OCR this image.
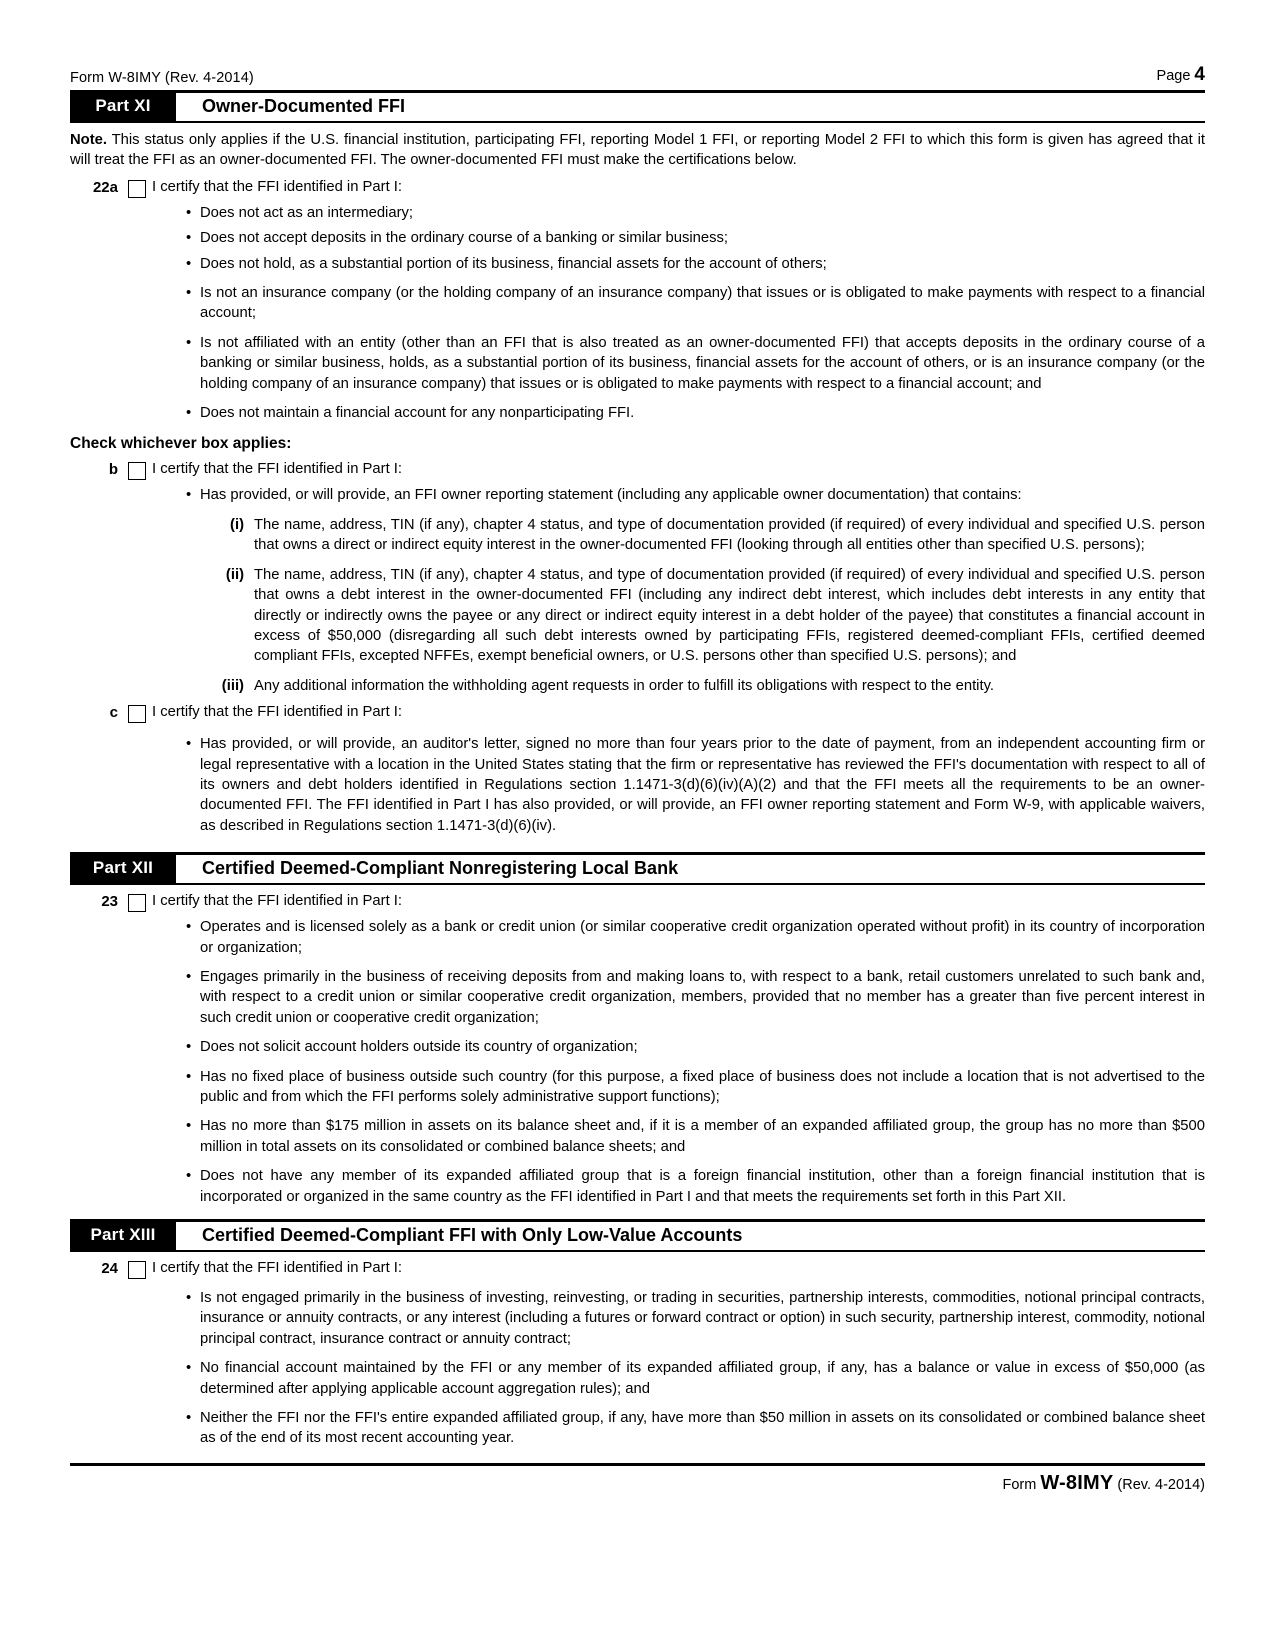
Form W-8IMY (Rev. 4-2014)	Page 4
Part XI	Owner-Documented FFI
Note. This status only applies if the U.S. financial institution, participating FFI, reporting Model 1 FFI, or reporting Model 2 FFI to which this form is given has agreed that it will treat the FFI as an owner-documented FFI. The owner-documented FFI must make the certifications below.
22a	I certify that the FFI identified in Part I:
• Does not act as an intermediary;
• Does not accept deposits in the ordinary course of a banking or similar business;
• Does not hold, as a substantial portion of its business, financial assets for the account of others;
• Is not an insurance company (or the holding company of an insurance company) that issues or is obligated to make payments with respect to a financial account;
• Is not affiliated with an entity (other than an FFI that is also treated as an owner-documented FFI) that accepts deposits in the ordinary course of a banking or similar business, holds, as a substantial portion of its business, financial assets for the account of others, or is an insurance company (or the holding company of an insurance company) that issues or is obligated to make payments with respect to a financial account; and
• Does not maintain a financial account for any nonparticipating FFI.
Check whichever box applies:
b	I certify that the FFI identified in Part I:
• Has provided, or will provide, an FFI owner reporting statement (including any applicable owner documentation) that contains:
(i) The name, address, TIN (if any), chapter 4 status, and type of documentation provided (if required) of every individual and specified U.S. person that owns a direct or indirect equity interest in the owner-documented FFI (looking through all entities other than specified U.S. persons);
(ii) The name, address, TIN (if any), chapter 4 status, and type of documentation provided (if required) of every individual and specified U.S. person that owns a debt interest in the owner-documented FFI (including any indirect debt interest, which includes debt interests in any entity that directly or indirectly owns the payee or any direct or indirect equity interest in a debt holder of the payee) that constitutes a financial account in excess of $50,000 (disregarding all such debt interests owned by participating FFIs, registered deemed-compliant FFIs, certified deemed compliant FFIs, excepted NFFEs, exempt beneficial owners, or U.S. persons other than specified U.S. persons); and
(iii) Any additional information the withholding agent requests in order to fulfill its obligations with respect to the entity.
c	I certify that the FFI identified in Part I:
• Has provided, or will provide, an auditor's letter, signed no more than four years prior to the date of payment, from an independent accounting firm or legal representative with a location in the United States stating that the firm or representative has reviewed the FFI's documentation with respect to all of its owners and debt holders identified in Regulations section 1.1471-3(d)(6)(iv)(A)(2) and that the FFI meets all the requirements to be an owner-documented FFI. The FFI identified in Part I has also provided, or will provide, an FFI owner reporting statement and Form W-9, with applicable waivers, as described in Regulations section 1.1471-3(d)(6)(iv).
Part XII	Certified Deemed-Compliant Nonregistering Local Bank
23	I certify that the FFI identified in Part I:
• Operates and is licensed solely as a bank or credit union (or similar cooperative credit organization operated without profit) in its country of incorporation or organization;
• Engages primarily in the business of receiving deposits from and making loans to, with respect to a bank, retail customers unrelated to such bank and, with respect to a credit union or similar cooperative credit organization, members, provided that no member has a greater than five percent interest in such credit union or cooperative credit organization;
• Does not solicit account holders outside its country of organization;
• Has no fixed place of business outside such country (for this purpose, a fixed place of business does not include a location that is not advertised to the public and from which the FFI performs solely administrative support functions);
• Has no more than $175 million in assets on its balance sheet and, if it is a member of an expanded affiliated group, the group has no more than $500 million in total assets on its consolidated or combined balance sheets; and
• Does not have any member of its expanded affiliated group that is a foreign financial institution, other than a foreign financial institution that is incorporated or organized in the same country as the FFI identified in Part I and that meets the requirements set forth in this Part XII.
Part XIII	Certified Deemed-Compliant FFI with Only Low-Value Accounts
24	I certify that the FFI identified in Part I:
• Is not engaged primarily in the business of investing, reinvesting, or trading in securities, partnership interests, commodities, notional principal contracts, insurance or annuity contracts, or any interest (including a futures or forward contract or option) in such security, partnership interest, commodity, notional principal contract, insurance contract or annuity contract;
• No financial account maintained by the FFI or any member of its expanded affiliated group, if any, has a balance or value in excess of $50,000 (as determined after applying applicable account aggregation rules); and
• Neither the FFI nor the FFI's entire expanded affiliated group, if any, have more than $50 million in assets on its consolidated or combined balance sheet as of the end of its most recent accounting year.
Form W-8IMY (Rev. 4-2014)
